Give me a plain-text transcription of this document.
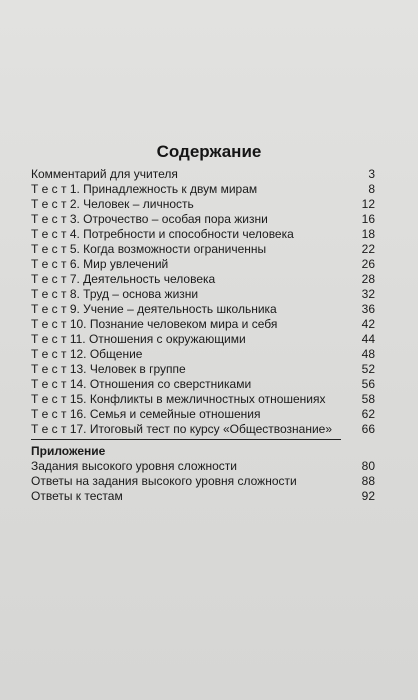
Содержание
Комментарий для учителя	3
Т е с т 1. Принадлежность к двум мирам	8
Т е с т 2. Человек – личность	12
Т е с т 3. Отрочество – особая пора жизни	16
Т е с т 4. Потребности и способности человека	18
Т е с т 5. Когда возможности ограниченны	22
Т е с т 6. Мир увлечений	26
Т е с т 7. Деятельность человека	28
Т е с т 8. Труд – основа жизни	32
Т е с т 9. Учение – деятельность школьника	36
Т е с т 10. Познание человеком мира и себя	42
Т е с т 11. Отношения с окружающими	44
Т е с т 12. Общение	48
Т е с т 13. Человек в группе	52
Т е с т 14. Отношения со сверстниками	56
Т е с т 15. Конфликты в межличностных отношениях	58
Т е с т 16. Семья и семейные отношения	62
Т е с т 17. Итоговый тест по курсу «Обществознание»	66
Приложение
Задания высокого уровня сложности	80
Ответы на задания высокого уровня сложности	88
Ответы к тестам	92
